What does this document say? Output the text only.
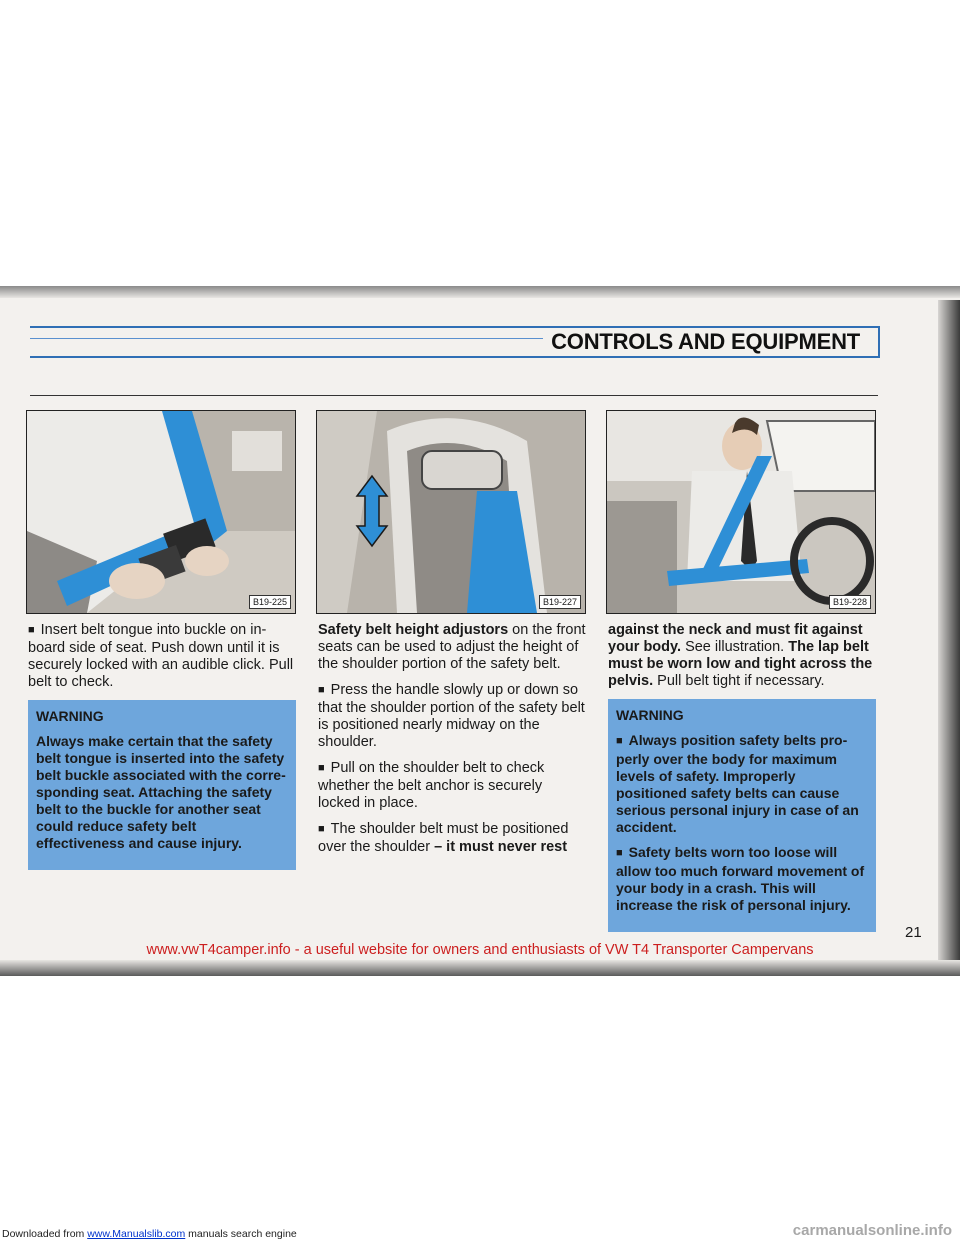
CONTROLS AND EQUIPMENT
B19-225	B19-227	B19-228

■ Insert belt tongue into buckle on in-board side of seat. Push down until it is securely locked with an audible click. Pull belt to check.

WARNING

Always make certain that the safety belt tongue is inserted into the safety belt buckle associated with the corre-sponding seat. Attaching the safety belt to the buckle for another seat could reduce safety belt effectiveness and cause injury.

Safety belt height adjustors on the front seats can be used to adjust the height of the shoulder portion of the safety belt.

■ Press the handle slowly up or down so that the shoulder portion of the safety belt is positioned nearly midway on the shoulder.

■ Pull on the shoulder belt to check whether the belt anchor is securely locked in place.

■ The shoulder belt must be positioned over the shoulder – it must never rest

against the neck and must fit against your body. See illustration. The lap belt must be worn low and tight across the pelvis. Pull belt tight if necessary.

WARNING

■ Always position safety belts pro-perly over the body for maximum levels of safety. Improperly positioned safety belts can cause serious personal injury in case of an accident.

■ Safety belts worn too loose will allow too much forward movement of your body in a crash. This will increase the risk of personal injury.

21
www.vwT4camper.info - a useful website for owners and enthusiasts of VW T4 Transporter Campervans
Downloaded from www.Manualslib.com manuals search engine	carmanualsonline.info
